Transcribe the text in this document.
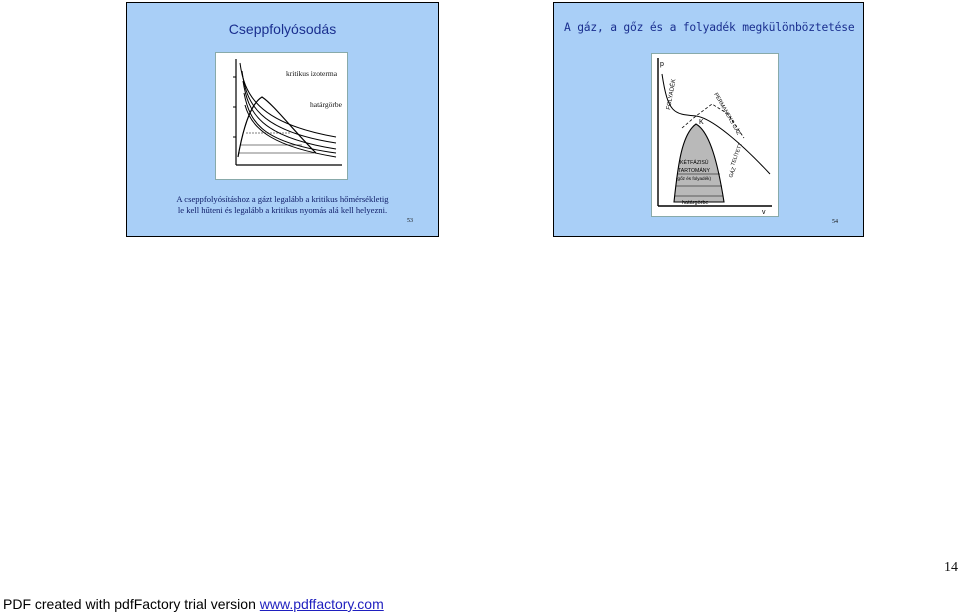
Cseppfolyósodás
kritikus izoterma
határgörbe
A cseppfolyósításhoz a gázt legalább a kritikus hőmérsékletig
le kell hűteni és legalább a kritikus nyomás alá kell helyezni.
53
A gáz, a gőz és a folyadék megkülönböztetése
p
v
K
FOLYADÉK	PERMANENS GÁZ
KÉTFÁZISÚ
TARTOMÁNY
(gőz és folyadék)
TELÍTETT
GÁZ
határgörbe
54
14
PDF created with pdfFactory trial version www.pdffactory.com
